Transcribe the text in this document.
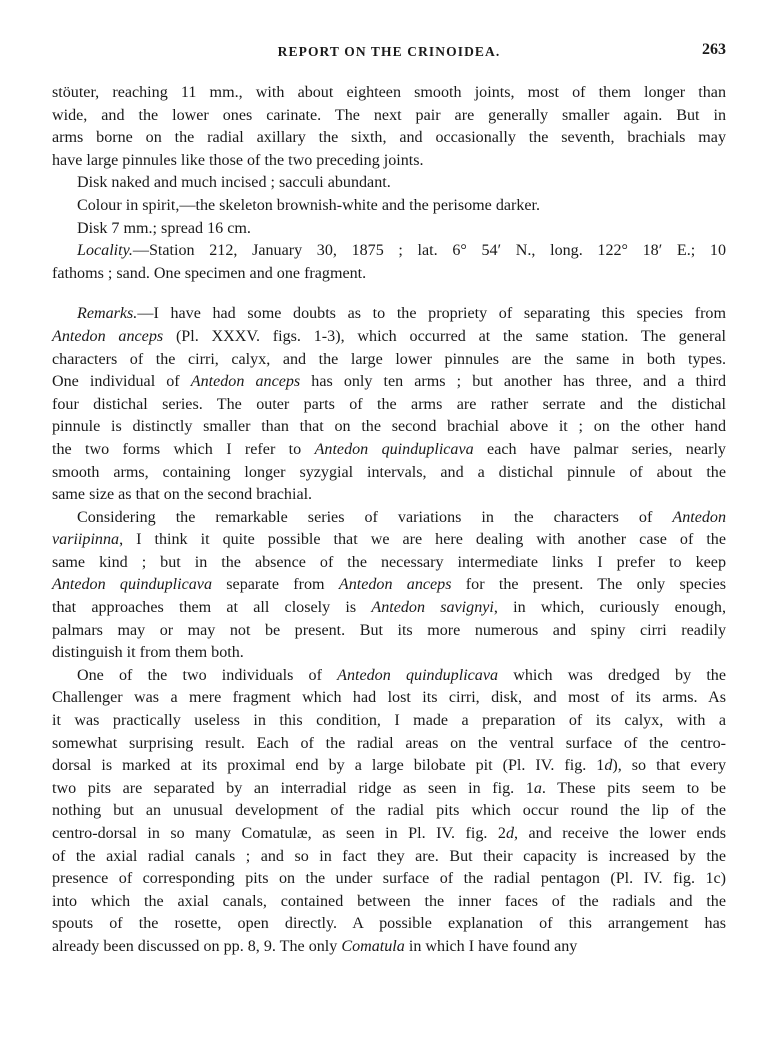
REPORT ON THE CRINOIDEA.	263
stöuter, reaching 11 mm., with about eighteen smooth joints, most of them longer than
wide, and the lower ones carinate. The next pair are generally smaller again. But in
arms borne on the radial axillary the sixth, and occasionally the seventh, brachials may
have large pinnules like those of the two preceding joints.
Disk naked and much incised ; sacculi abundant.
Colour in spirit,—the skeleton brownish-white and the perisome darker.
Disk 7 mm.; spread 16 cm.
Locality.—Station 212, January 30, 1875 ; lat. 6° 54′ N., long. 122° 18′ E.; 10
fathoms ; sand. One specimen and one fragment.
Remarks.—I have had some doubts as to the propriety of separating this species from
Antedon anceps (Pl. XXXV. figs. 1-3), which occurred at the same station. The general
characters of the cirri, calyx, and the large lower pinnules are the same in both types.
One individual of Antedon anceps has only ten arms ; but another has three, and a third
four distichal series. The outer parts of the arms are rather serrate and the distichal
pinnule is distinctly smaller than that on the second brachial above it ; on the other hand
the two forms which I refer to Antedon quinduplicava each have palmar series, nearly
smooth arms, containing longer syzygial intervals, and a distichal pinnule of about the
same size as that on the second brachial.
Considering the remarkable series of variations in the characters of Antedon
variipinna, I think it quite possible that we are here dealing with another case of the
same kind ; but in the absence of the necessary intermediate links I prefer to keep
Antedon quinduplicava separate from Antedon anceps for the present. The only species
that approaches them at all closely is Antedon savignyi, in which, curiously enough,
palmars may or may not be present. But its more numerous and spiny cirri readily
distinguish it from them both.
One of the two individuals of Antedon quinduplicava which was dredged by the
Challenger was a mere fragment which had lost its cirri, disk, and most of its arms. As
it was practically useless in this condition, I made a preparation of its calyx, with a
somewhat surprising result. Each of the radial areas on the ventral surface of the centro-
dorsal is marked at its proximal end by a large bilobate pit (Pl. IV. fig. 1d), so that every
two pits are separated by an interradial ridge as seen in fig. 1a. These pits seem to be
nothing but an unusual development of the radial pits which occur round the lip of the
centro-dorsal in so many Comatulæ, as seen in Pl. IV. fig. 2d, and receive the lower ends
of the axial radial canals ; and so in fact they are. But their capacity is increased by the
presence of corresponding pits on the under surface of the radial pentagon (Pl. IV. fig. 1c)
into which the axial canals, contained between the inner faces of the radials and the
spouts of the rosette, open directly. A possible explanation of this arrangement has
already been discussed on pp. 8, 9. The only Comatula in which I have found any
